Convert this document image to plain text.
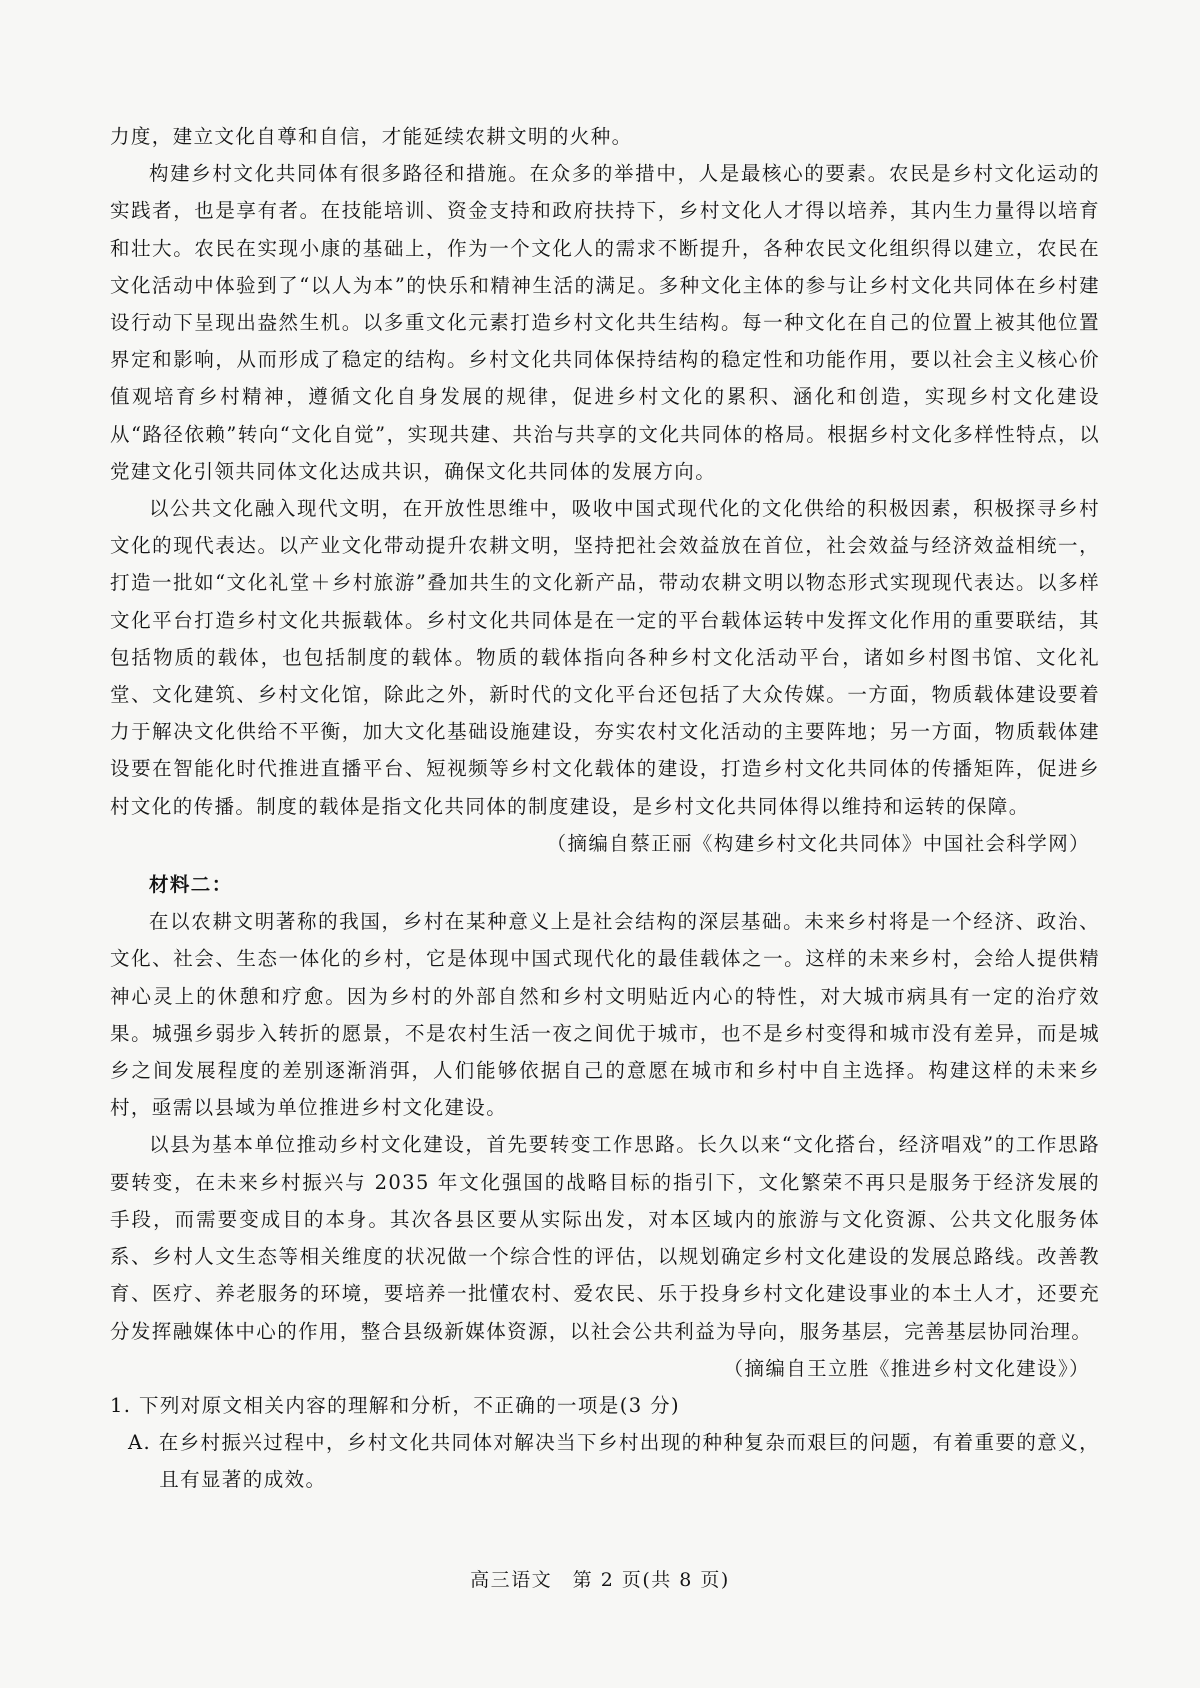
力度，建立文化自尊和自信，才能延续农耕文明的火种。

构建乡村文化共同体有很多路径和措施。在众多的举措中，人是最核心的要素。农民是乡村文化运动的实践者，也是享有者。在技能培训、资金支持和政府扶持下，乡村文化人才得以培养，其内生力量得以培育和壮大。农民在实现小康的基础上，作为一个文化人的需求不断提升，各种农民文化组织得以建立，农民在文化活动中体验到了“以人为本”的快乐和精神生活的满足。多种文化主体的参与让乡村文化共同体在乡村建设行动下呈现出盎然生机。以多重文化元素打造乡村文化共生结构。每一种文化在自己的位置上被其他位置界定和影响，从而形成了稳定的结构。乡村文化共同体保持结构的稳定性和功能作用，要以社会主义核心价值观培育乡村精神，遵循文化自身发展的规律，促进乡村文化的累积、涵化和创造，实现乡村文化建设从“路径依赖”转向“文化自觉”，实现共建、共治与共享的文化共同体的格局。根据乡村文化多样性特点，以党建文化引领共同体文化达成共识，确保文化共同体的发展方向。

以公共文化融入现代文明，在开放性思维中，吸收中国式现代化的文化供给的积极因素，积极探寻乡村文化的现代表达。以产业文化带动提升农耕文明，坚持把社会效益放在首位，社会效益与经济效益相统一，打造一批如“文化礼堂＋乡村旅游”叠加共生的文化新产品，带动农耕文明以物态形式实现现代表达。以多样文化平台打造乡村文化共振载体。乡村文化共同体是在一定的平台载体运转中发挥文化作用的重要联结，其包括物质的载体，也包括制度的载体。物质的载体指向各种乡村文化活动平台，诸如乡村图书馆、文化礼堂、文化建筑、乡村文化馆，除此之外，新时代的文化平台还包括了大众传媒。一方面，物质载体建设要着力于解决文化供给不平衡，加大文化基础设施建设，夯实农村文化活动的主要阵地；另一方面，物质载体建设要在智能化时代推进直播平台、短视频等乡村文化载体的建设，打造乡村文化共同体的传播矩阵，促进乡村文化的传播。制度的载体是指文化共同体的制度建设，是乡村文化共同体得以维持和运转的保障。

（摘编自蔡正丽《构建乡村文化共同体》中国社会科学网）

材料二：

在以农耕文明著称的我国，乡村在某种意义上是社会结构的深层基础。未来乡村将是一个经济、政治、文化、社会、生态一体化的乡村，它是体现中国式现代化的最佳载体之一。这样的未来乡村，会给人提供精神心灵上的休憩和疗愈。因为乡村的外部自然和乡村文明贴近内心的特性，对大城市病具有一定的治疗效果。城强乡弱步入转折的愿景，不是农村生活一夜之间优于城市，也不是乡村变得和城市没有差异，而是城乡之间发展程度的差别逐渐消弭，人们能够依据自己的意愿在城市和乡村中自主选择。构建这样的未来乡村，亟需以县域为单位推进乡村文化建设。

以县为基本单位推动乡村文化建设，首先要转变工作思路。长久以来“文化搭台，经济唱戏”的工作思路要转变，在未来乡村振兴与 2035 年文化强国的战略目标的指引下，文化繁荣不再只是服务于经济发展的手段，而需要变成目的本身。其次各县区要从实际出发，对本区域内的旅游与文化资源、公共文化服务体系、乡村人文生态等相关维度的状况做一个综合性的评估，以规划确定乡村文化建设的发展总路线。改善教育、医疗、养老服务的环境，要培养一批懂农村、爱农民、乐于投身乡村文化建设事业的本土人才，还要充分发挥融媒体中心的作用，整合县级新媒体资源，以社会公共利益为导向，服务基层，完善基层协同治理。

（摘编自王立胜《推进乡村文化建设》）

1. 下列对原文相关内容的理解和分析，不正确的一项是(3 分)

A. 在乡村振兴过程中，乡村文化共同体对解决当下乡村出现的种种复杂而艰巨的问题，有着重要的意义，且有显著的成效。

高三语文　第 2 页(共 8 页)
